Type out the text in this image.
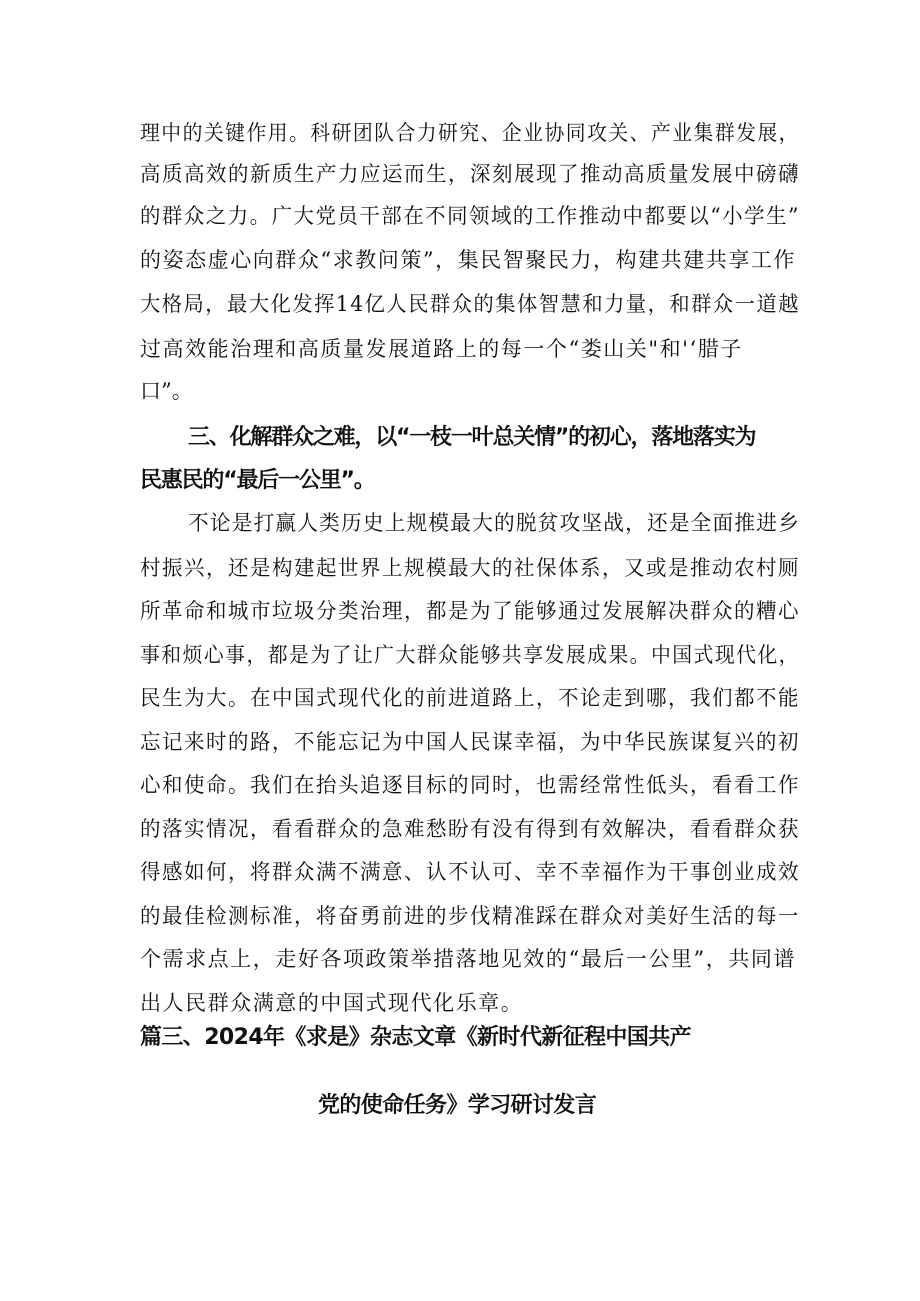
理中的关键作用。科研团队合力研究、企业协同攻关、产业集群发展，
高质高效的新质生产力应运而生，深刻展现了推动高质量发展中磅礴
的群众之力。广大党员干部在不同领域的工作推动中都要以“小学生”
的姿态虚心向群众“求教问策”，集民智聚民力，构建共建共享工作
大格局，最大化发挥14亿人民群众的集体智慧和力量，和群众一道越
过高效能治理和高质量发展道路上的每一个“娄山关"和'‘腊子
口”。
三、化解群众之难，以“一枝一叶总关情”的初心，落地落实为
民惠民的“最后一公里”。
不论是打赢人类历史上规模最大的脱贫攻坚战，还是全面推进乡
村振兴，还是构建起世界上规模最大的社保体系，又或是推动农村厕
所革命和城市垃圾分类治理，都是为了能够通过发展解决群众的糟心
事和烦心事，都是为了让广大群众能够共享发展成果。中国式现代化，
民生为大。在中国式现代化的前进道路上，不论走到哪，我们都不能
忘记来时的路，不能忘记为中国人民谋幸福，为中华民族谋复兴的初
心和使命。我们在抬头追逐目标的同时，也需经常性低头，看看工作
的落实情况，看看群众的急难愁盼有没有得到有效解决，看看群众获
得感如何，将群众满不满意、认不认可、幸不幸福作为干事创业成效
的最佳检测标准，将奋勇前进的步伐精准踩在群众对美好生活的每一
个需求点上，走好各项政策举措落地见效的“最后一公里”，共同谱
出人民群众满意的中国式现代化乐章。
篇三、2024年《求是》杂志文章《新时代新征程中国共产
党的使命任务》学习研讨发言
